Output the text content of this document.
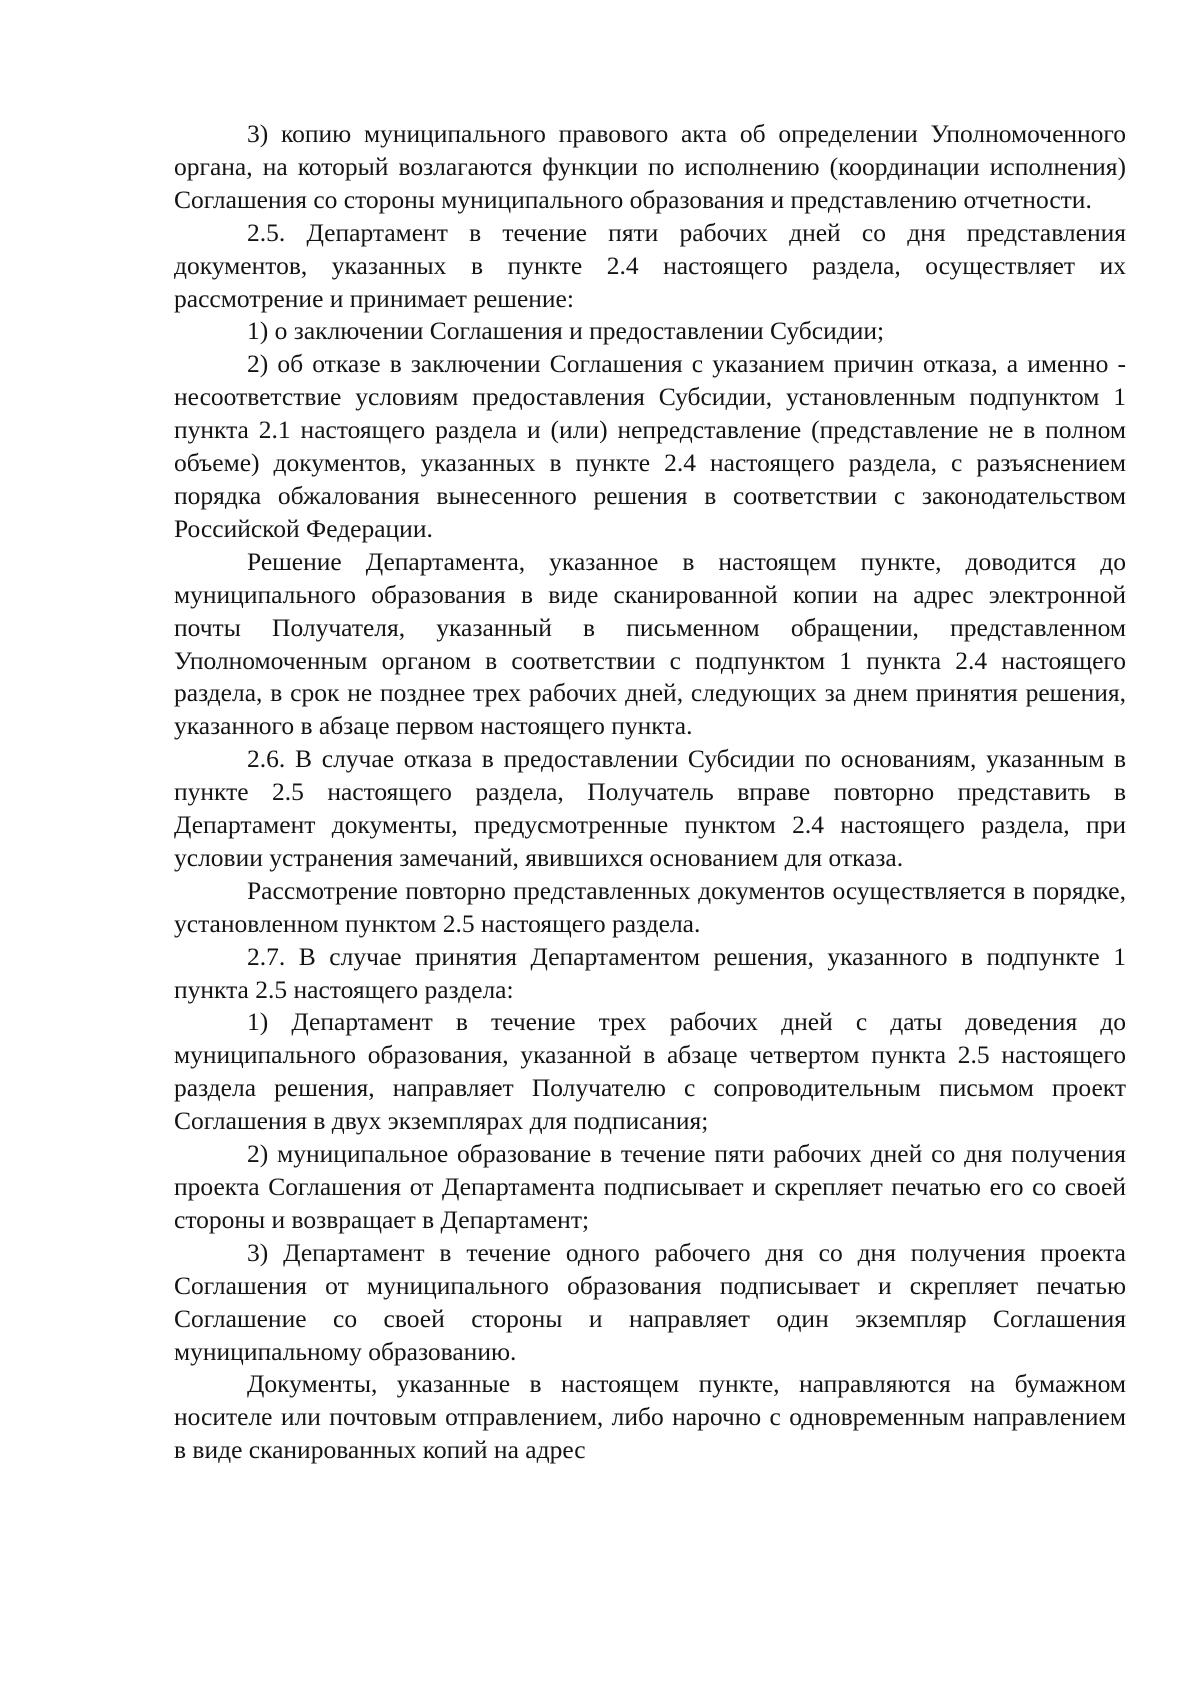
3) копию муниципального правового акта об определении Уполномоченного органа, на который возлагаются функции по исполнению (координации исполнения) Соглашения со стороны муниципального образования и представлению отчетности.

2.5. Департамент в течение пяти рабочих дней со дня представления документов, указанных в пункте 2.4 настоящего раздела, осуществляет их рассмотрение и принимает решение:

1) о заключении Соглашения и предоставлении Субсидии;

2) об отказе в заключении Соглашения с указанием причин отказа, а именно - несоответствие условиям предоставления Субсидии, установленным подпунктом 1 пункта 2.1 настоящего раздела и (или) непредставление (представление не в полном объеме) документов, указанных в пункте 2.4 настоящего раздела, с разъяснением порядка обжалования вынесенного решения в соответствии с законодательством Российской Федерации.

Решение Департамента, указанное в настоящем пункте, доводится до муниципального образования в виде сканированной копии на адрес электронной почты Получателя, указанный в письменном обращении, представленном Уполномоченным органом в соответствии с подпунктом 1 пункта 2.4 настоящего раздела, в срок не позднее трех рабочих дней, следующих за днем принятия решения, указанного в абзаце первом настоящего пункта.

2.6. В случае отказа в предоставлении Субсидии по основаниям, указанным в пункте 2.5 настоящего раздела, Получатель вправе повторно представить в Департамент документы, предусмотренные пунктом 2.4 настоящего раздела, при условии устранения замечаний, явившихся основанием для отказа.

Рассмотрение повторно представленных документов осуществляется в порядке, установленном пунктом 2.5 настоящего раздела.

2.7. В случае принятия Департаментом решения, указанного в подпункте 1 пункта 2.5 настоящего раздела:

1) Департамент в течение трех рабочих дней с даты доведения до муниципального образования, указанной в абзаце четвертом пункта 2.5 настоящего раздела решения, направляет Получателю с сопроводительным письмом проект Соглашения в двух экземплярах для подписания;

2) муниципальное образование в течение пяти рабочих дней со дня получения проекта Соглашения от Департамента подписывает и скрепляет печатью его со своей стороны и возвращает в Департамент;

3) Департамент в течение одного рабочего дня со дня получения проекта Соглашения от муниципального образования подписывает и скрепляет печатью Соглашение со своей стороны и направляет один экземпляр Соглашения муниципальному образованию.

Документы, указанные в настоящем пункте, направляются на бумажном носителе или почтовым отправлением, либо нарочно с одновременным направлением в виде сканированных копий на адрес
